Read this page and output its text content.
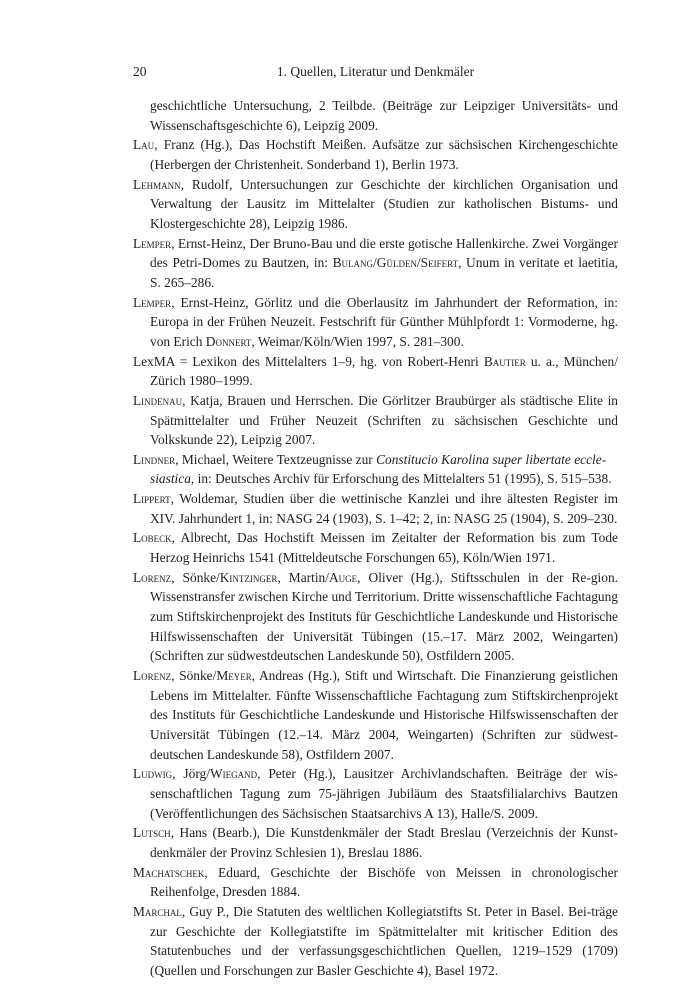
20	1. Quellen, Literatur und Denkmäler
geschichtliche Untersuchung, 2 Teilbde. (Beiträge zur Leipziger Universitäts- und Wissenschaftsgeschichte 6), Leipzig 2009.
Lau, Franz (Hg.), Das Hochstift Meißen. Aufsätze zur sächsischen Kirchengeschichte (Herbergen der Christenheit. Sonderband 1), Berlin 1973.
Lehmann, Rudolf, Untersuchungen zur Geschichte der kirchlichen Organisation und Verwaltung der Lausitz im Mittelalter (Studien zur katholischen Bistums- und Klostergeschichte 28), Leipzig 1986.
Lemper, Ernst-Heinz, Der Bruno-Bau und die erste gotische Hallenkirche. Zwei Vorgänger des Petri-Domes zu Bautzen, in: Bulang/Gülden/Seifert, Unum in veritate et laetitia, S. 265–286.
Lemper, Ernst-Heinz, Görlitz und die Oberlausitz im Jahrhundert der Reformation, in: Europa in der Frühen Neuzeit. Festschrift für Günther Mühlpfordt 1: Vormoderne, hg. von Erich Donnert, Weimar/Köln/Wien 1997, S. 281–300.
LexMA = Lexikon des Mittelalters 1–9, hg. von Robert-Henri Bautier u. a., München/ Zürich 1980–1999.
Lindenau, Katja, Brauen und Herrschen. Die Görlitzer Braubürger als städtische Elite in Spätmittelalter und Früher Neuzeit (Schriften zu sächsischen Geschichte und Volkskunde 22), Leipzig 2007.
Lindner, Michael, Weitere Textzeugnisse zur Constitucio Karolina super libertate eccle-
siastica, in: Deutsches Archiv für Erforschung des Mittelalters 51 (1995), S. 515–538.
Lippert, Woldemar, Studien über die wettinische Kanzlei und ihre ältesten Register im XIV. Jahrhundert 1, in: NASG 24 (1903), S. 1–42; 2, in: NASG 25 (1904), S. 209–230.
Lobeck, Albrecht, Das Hochstift Meissen im Zeitalter der Reformation bis zum Tode Herzog Heinrichs 1541 (Mitteldeutsche Forschungen 65), Köln/Wien 1971.
Lorenz, Sönke/Kintzinger, Martin/Auge, Oliver (Hg.), Stiftsschulen in der Re-gion. Wissenstransfer zwischen Kirche und Territorium. Dritte wissenschaftliche Fachtagung zum Stiftskirchenprojekt des Instituts für Geschichtliche Landeskunde und Historische Hilfswissenschaften der Universität Tübingen (15.–17. März 2002, Weingarten) (Schriften zur südwestdeutschen Landeskunde 50), Ostfildern 2005.
Lorenz, Sönke/Meyer, Andreas (Hg.), Stift und Wirtschaft. Die Finanzierung geistlichen Lebens im Mittelalter. Fünfte Wissenschaftliche Fachtagung zum Stiftskirchenprojekt des Instituts für Geschichtliche Landeskunde und Historische Hilfswissenschaften der Universität Tübingen (12.–14. März 2004, Weingarten) (Schriften zur südwest-deutschen Landeskunde 58), Ostfildern 2007.
Ludwig, Jörg/Wiegand, Peter (Hg.), Lausitzer Archivlandschaften. Beiträge der wis-senschaftlichen Tagung zum 75-jährigen Jubiläum des Staatsfilialarchivs Bautzen (Veröffentlichungen des Sächsischen Staatsarchivs A 13), Halle/S. 2009.
Lutsch, Hans (Bearb.), Die Kunstdenkmäler der Stadt Breslau (Verzeichnis der Kunst-denkmäler der Provinz Schlesien 1), Breslau 1886.
Machatschek, Eduard, Geschichte der Bischöfe von Meissen in chronologischer Reihenfolge, Dresden 1884.
Marchal, Guy P., Die Statuten des weltlichen Kollegiatstifts St. Peter in Basel. Bei-träge zur Geschichte der Kollegiatstifte im Spätmittelalter mit kritischer Edition des Statutenbuches und der verfassungsgeschichtlichen Quellen, 1219–1529 (1709) (Quellen und Forschungen zur Basler Geschichte 4), Basel 1972.
